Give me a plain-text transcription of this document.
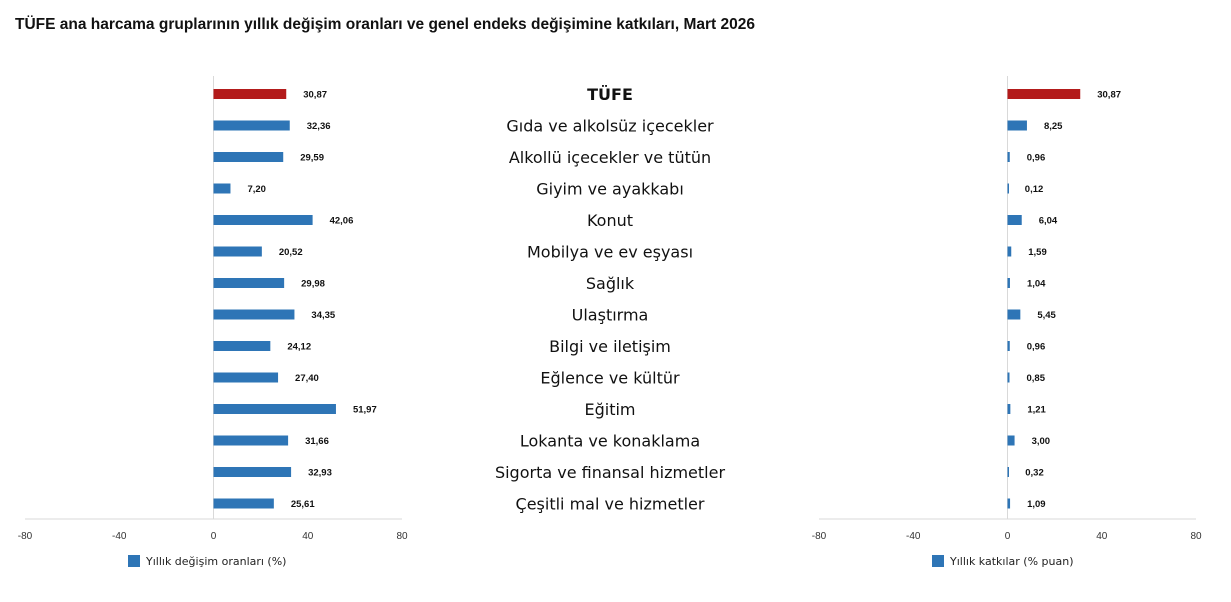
TÜFE ana harcama gruplarının yıllık değişim oranları ve genel endeks değişimine katkıları, Mart 2026
30,87
32,36
29,59
7,20
42,06
20,52
29,98
34,35
24,12
27,40
51,97
31,66
32,93
25,61
-80	-40	0	40	80
Yıllık değişim oranları (%)
30,87
8,25
0,96
0,12
6,04
1,59
1,04
5,45
0,96
0,85
1,21
3,00
0,32
1,09
-80	-40	0	40	80
Yıllık katkılar (% puan)
TÜFE
Gıda ve alkolsüz içecekler
Alkollü içecekler ve tütün
Giyim ve ayakkabı
Konut
Mobilya ve ev eşyası
Sağlık
Ulaştırma
Bilgi ve iletişim
Eğlence ve kültür
Eğitim
Lokanta ve konaklama
Sigorta ve finansal hizmetler
Çeşitli mal ve hizmetler
